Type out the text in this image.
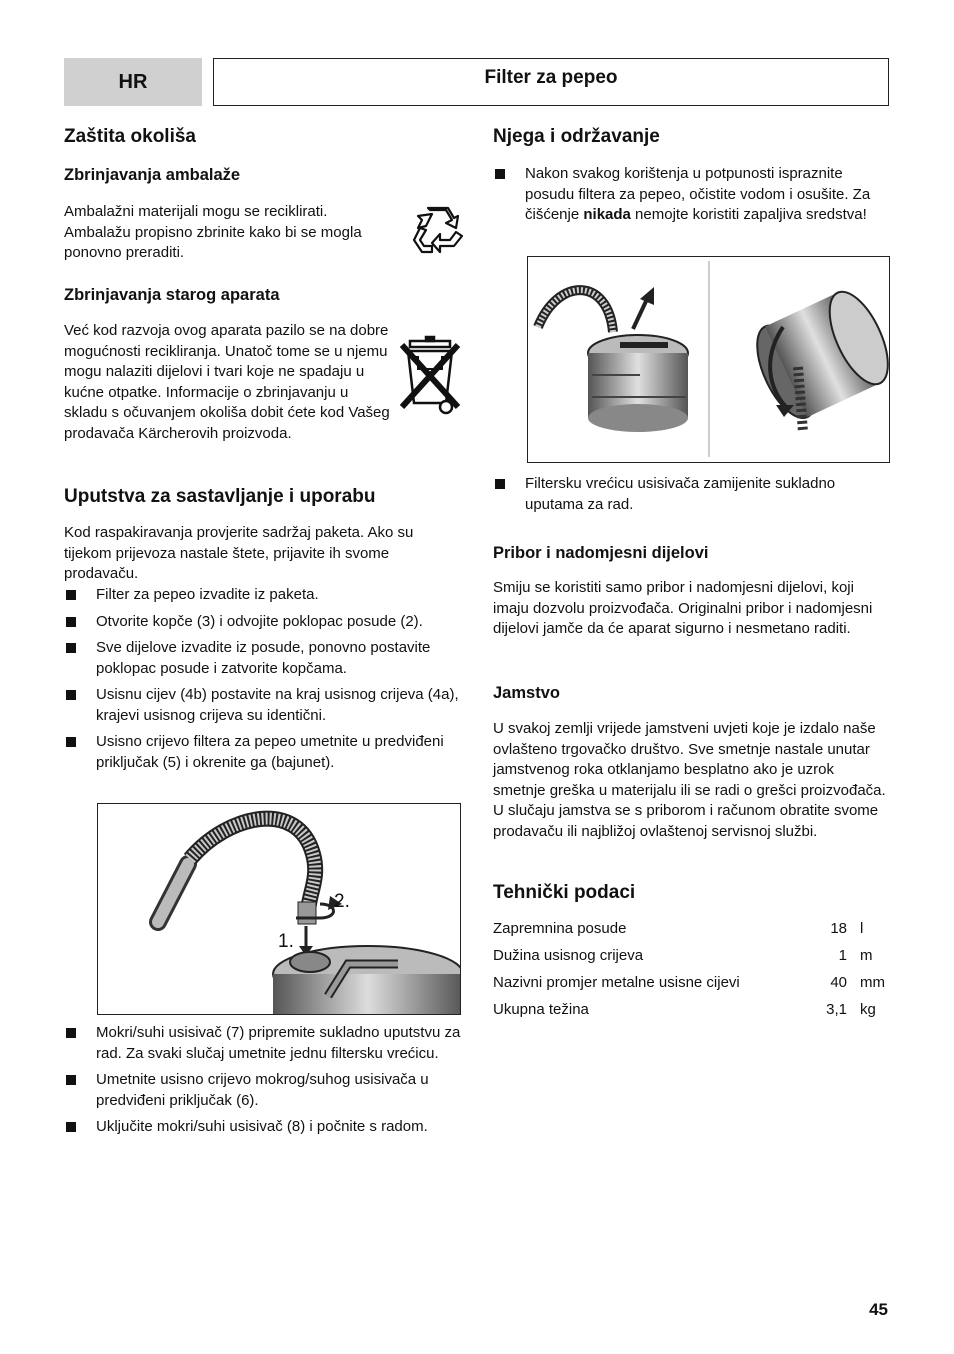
HR	Filter za pepeo
Zaštita okoliša
Zbrinjavanja ambalaže

Ambalažni materijali mogu se reciklirati. Ambalažu propisno zbrinite kako bi se mogla ponovno preraditi.

Zbrinjavanja starog aparata

Već kod razvoja ovog aparata pazilo se na dobre mogućnosti recikliranja. Unatoč tome se u njemu mogu nalaziti dijelovi i tvari koje ne spadaju u kućne otpatke. Informacije o zbrinjavanju u skladu s očuvanjem okoliša dobit ćete kod Vašeg prodavača Kärcherovih proizvoda.

Uputstva za sastavljanje i uporabu

Kod raspakiravanja provjerite sadržaj paketa. Ako su tijekom prijevoza nastale štete, prijavite ih svome prodavaču.

Filter za pepeo izvadite iz paketa.
Otvorite kopče (3) i odvojite poklopac posude (2).
Sve dijelove izvadite iz posude, ponovno postavite poklopac posude i zatvorite kopčama.
Usisnu cijev (4b) postavite na kraj usisnog crijeva (4a), krajevi usisnog crijeva su identični.
Usisno crijevo filtera za pepeo umetnite u predviđeni priključak (5) i okrenite ga (bajunet).
2.
1.
Mokri/suhi usisivač (7) pripremite sukladno uputstvu za rad. Za svaki slučaj umetnite jednu filtersku vrećicu.
Umetnite usisno crijevo mokrog/suhog usisivača u predviđeni priključak (6).
Uključite mokri/suhi usisivač (8) i počnite s radom.
Njega i održavanje
Nakon svakog korištenja u potpunosti ispraznite posudu filtera za pepeo, očistite vodom i osušite. Za čišćenje nikada nemojte koristiti zapaljiva sredstva!
Filtersku vrećicu usisivača zamijenite sukladno uputama za rad.
Pribor i nadomjesni dijelovi

Smiju se koristiti samo pribor i nadomjesni dijelovi, koji imaju dozvolu proizvođača. Originalni pribor i nadomjesni dijelovi jamče da će aparat sigurno i nesmetano raditi.

Jamstvo

U svakoj zemlji vrijede jamstveni uvjeti koje je izdalo naše ovlašteno trgovačko društvo. Sve smetnje nastale unutar jamstvenog roka otklanjamo besplatno ako je uzrok smetnje greška u materijalu ili se radi o grešci proizvođača. U slučaju jamstva se s priborom i računom obratite svome prodavaču ili najbližoj ovlaštenoj servisnoj službi.

Tehnički podaci
Zapremnina posude	18	l
Dužina usisnog crijeva	1	m
Nazivni promjer metalne usisne cijevi	40	mm
Ukupna težina	3,1	kg
45
